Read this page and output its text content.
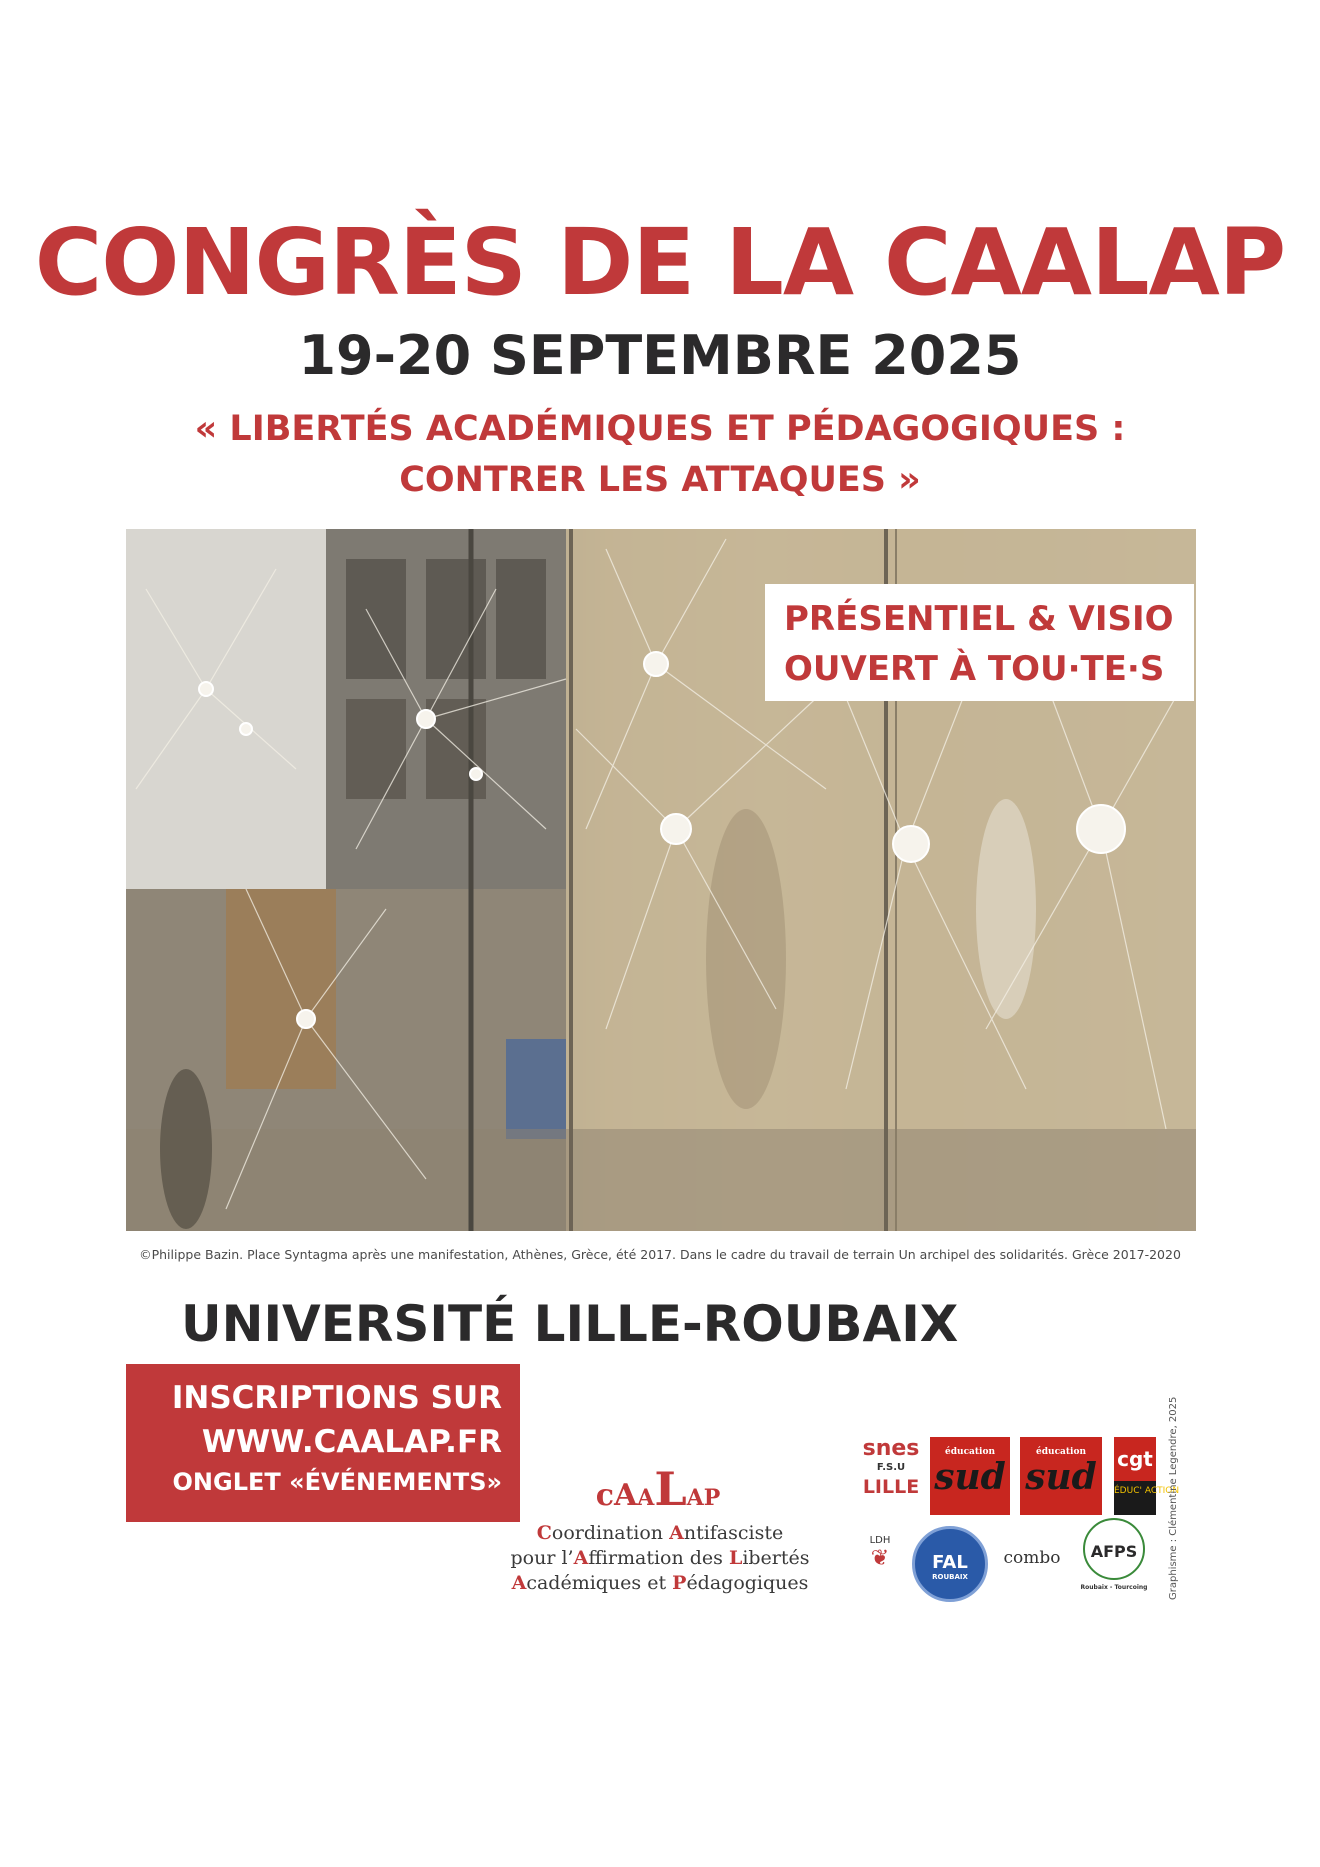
CONGRÈS DE LA CAALAP
19-20 SEPTEMBRE 2025
« LIBERTÉS ACADÉMIQUES ET PÉDAGOGIQUES :
CONTRER LES ATTAQUES »
PRÉSENTIEL & VISIO
OUVERT À TOU·TE·S
©Philippe Bazin. Place Syntagma après une manifestation, Athènes, Grèce, été 2017. Dans le cadre du travail de terrain Un archipel des solidarités. Grèce 2017-2020
UNIVERSITÉ LILLE-ROUBAIX
INSCRIPTIONS SUR
WWW.CAALAP.FR
ONGLET «ÉVÉNEMENTS»	cAALAP
Coordination Antifasciste
pour l’Affirmation des Libertés
Académiques et Pédagogiques
snes
F.S.U
LILLE
éducation
sud
éducation
sud cgt
ÉDUC' ACTION
LDH
❦	FAL
ROUBAIX
combo	AFPS
Roubaix - Tourcoing Graphisme : Clémentine Legendre, 2025
